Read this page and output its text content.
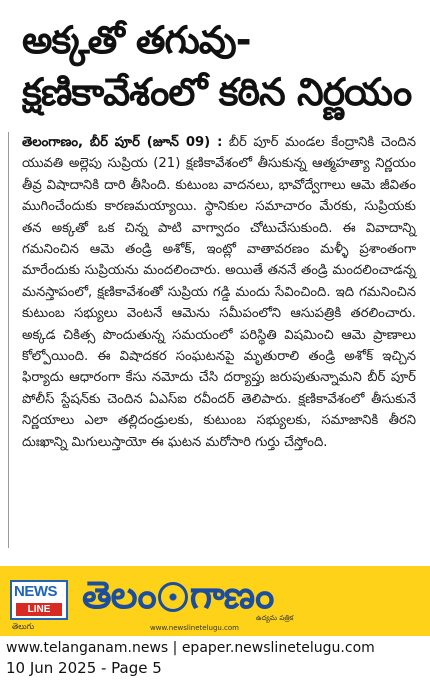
అక్కతో తగువు-క్షణికావేశంలో కఠిన నిర్ణయం

తెలంగాణం, బీర్ పూర్ (జూన్ 09) : బీర్ పూర్ మండల కేంద్రానికి చెందిన యువతి అల్లెపు సుప్రియ (21) క్షణికావేశంలో తీసుకున్న ఆత్మహత్యా నిర్ణయం తీవ్ర విషాదానికి దారి తీసింది. కుటుంబ వాదనలు, భావోద్వేగాలు ఆమె జీవితం ముగించేందుకు కారణమయ్యాయి. స్థానికుల సమాచారం మేరకు, సుప్రియకు తన అక్కతో ఒక చిన్న పాటి వాగ్వాదం చోటుచేసుకుంది. ఈ వివాదాన్ని గమనించిన ఆమె తండ్రి అశోక్, ఇంట్లో వాతావరణం మళ్ళీ ప్రశాంతంగా మారేందుకు సుప్రియను మందలించారు. అయితే తననే తండ్రి మందలించాడన్న మనస్తాపంలో, క్షణికావేశంతో సుప్రియ గడ్డి మందు సేవించింది. ఇది గమనించిన కుటుంబ సభ్యులు వెంటనే ఆమెను సమీపంలోని ఆసుపత్రికి తరలించారు. అక్కడ చికిత్స పొందుతున్న సమయంలో పరిస్థితి విషమించి ఆమె ప్రాణాలు కోల్పోయింది. ఈ విషాదకర సంఘటనపై మృతురాలి తండ్రి అశోక్ ఇచ్చిన ఫిర్యాదు ఆధారంగా కేసు నమోదు చేసి దర్యాప్తు జరుపుతున్నామని బీర్ పూర్ పోలీస్ స్టేషన్‌కు చెందిన ఏఎస్ఐ రవీందర్ తెలిపారు. క్షణికావేశంలో తీసుకునే నిర్ణయాలు ఎలా తల్లిదండ్రులకు, కుటుంబ సభ్యులకు, సమాజానికి తీరని దుఃఖాన్ని మిగులుస్తాయో ఈ ఘటన మరోసారి గుర్తు చేస్తోంది.

NEWS
LINE
తెలుగు
తెలం గాణం
ఉద్యమ పత్రిక
www.newslinetelugu.com
www.telanganam.news | epaper.newslinetelugu.com
10 Jun 2025 - Page 5
